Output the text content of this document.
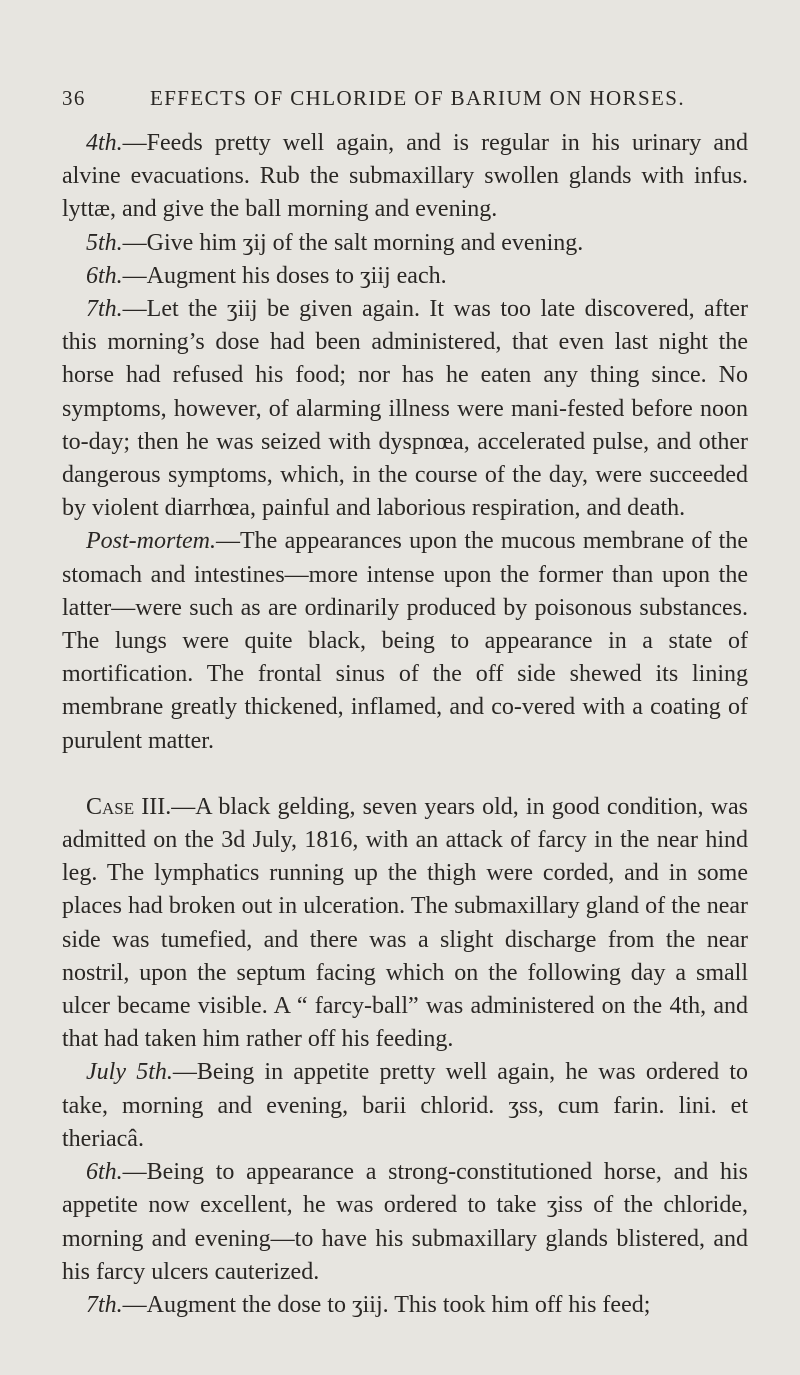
36	EFFECTS OF CHLORIDE OF BARIUM ON HORSES.

4th.—Feeds pretty well again, and is regular in his urinary and alvine evacuations. Rub the submaxillary swollen glands with infus. lyttæ, and give the ball morning and evening.

5th.—Give him ʒij of the salt morning and evening.

6th.—Augment his doses to ʒiij each.

7th.—Let the ʒiij be given again. It was too late discovered, after this morning’s dose had been administered, that even last night the horse had refused his food; nor has he eaten any thing since. No symptoms, however, of alarming illness were mani-fested before noon to-day; then he was seized with dyspnœa, accelerated pulse, and other dangerous symptoms, which, in the course of the day, were succeeded by violent diarrhœa, painful and laborious respiration, and death.

Post-mortem.—The appearances upon the mucous membrane of the stomach and intestines—more intense upon the former than upon the latter—were such as are ordinarily produced by poisonous substances. The lungs were quite black, being to appearance in a state of mortification. The frontal sinus of the off side shewed its lining membrane greatly thickened, inflamed, and co-vered with a coating of purulent matter.

Case III.—A black gelding, seven years old, in good condition, was admitted on the 3d July, 1816, with an attack of farcy in the near hind leg. The lymphatics running up the thigh were corded, and in some places had broken out in ulceration. The submaxillary gland of the near side was tumefied, and there was a slight discharge from the near nostril, upon the septum facing which on the following day a small ulcer became visible. A “ farcy-ball” was administered on the 4th, and that had taken him rather off his feeding.

July 5th.—Being in appetite pretty well again, he was ordered to take, morning and evening, barii chlorid. ʒss, cum farin. lini. et theriacâ.

6th.—Being to appearance a strong-constitutioned horse, and his appetite now excellent, he was ordered to take ʒiss of the chloride, morning and evening—to have his submaxillary glands blistered, and his farcy ulcers cauterized.

7th.—Augment the dose to ʒiij. This took him off his feed;
